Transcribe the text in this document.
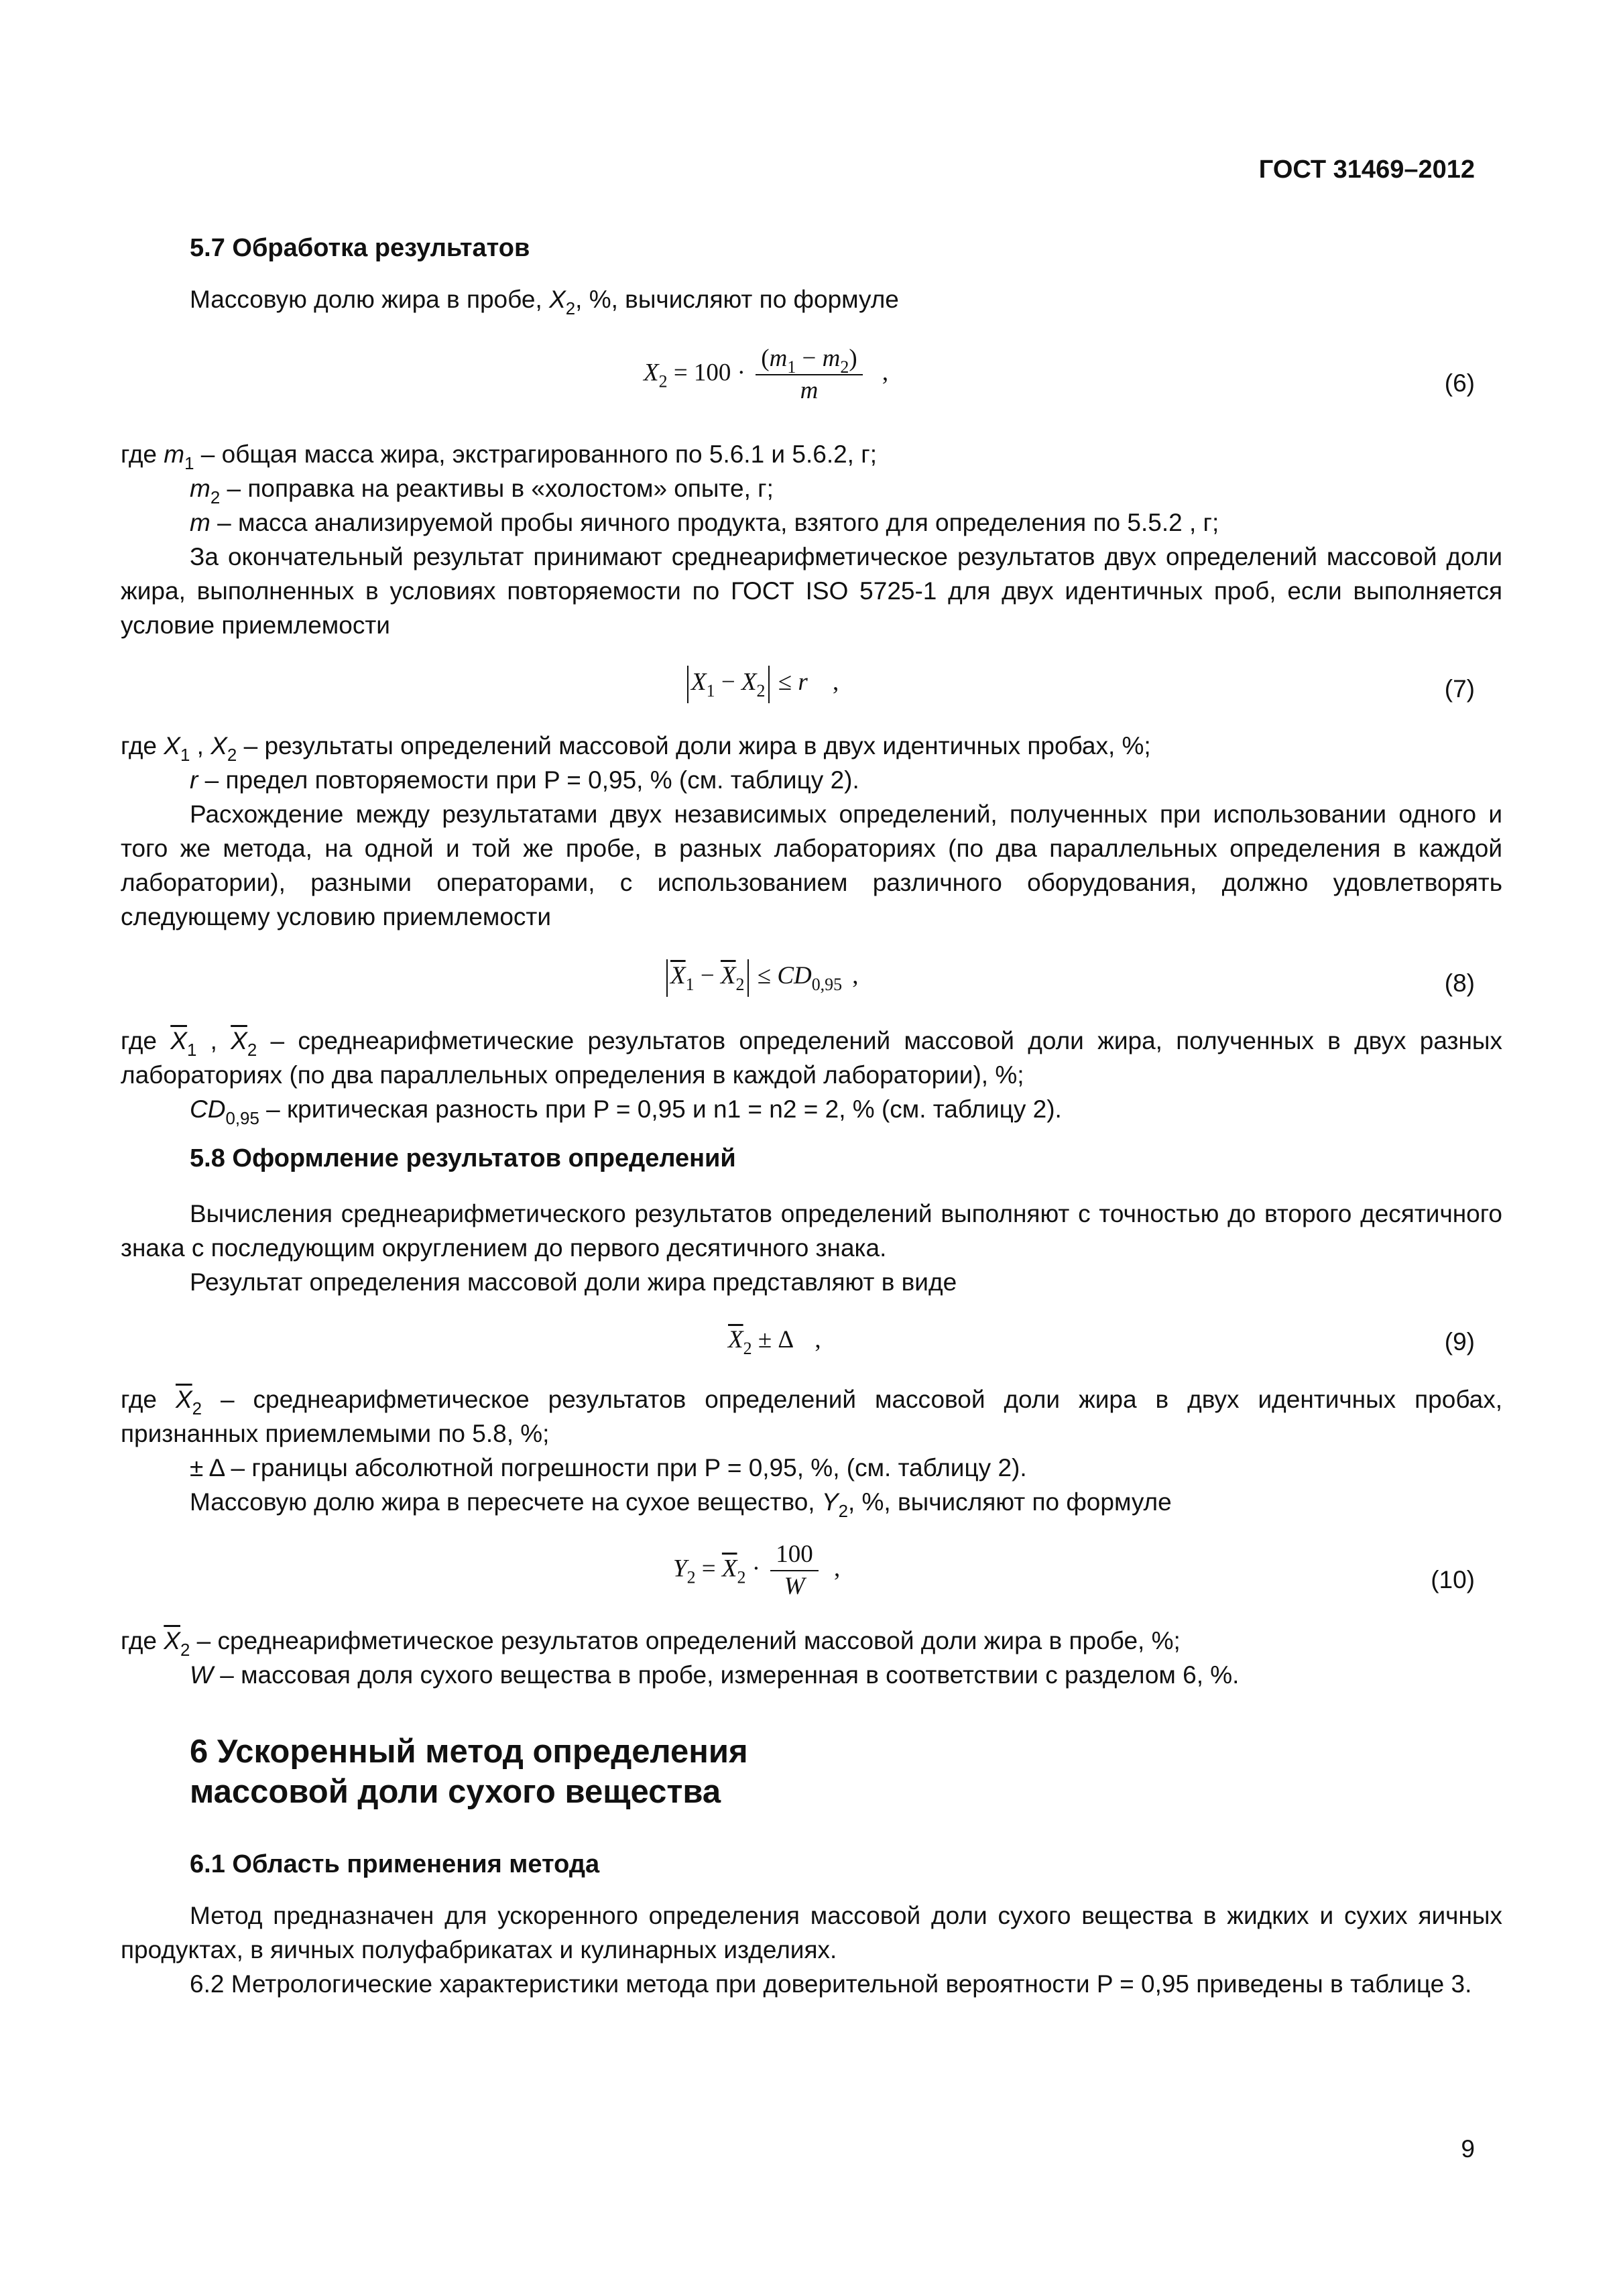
ГОСТ 31469–2012
5.7 Обработка результатов
Массовую долю жира в пробе, $X_2$, %, вычисляют по формуле
$X_2 = 100 \cdot \frac{(m_1 - m_2)}{m}$ ,	(6)
где $m_1$ – общая масса жира, экстрагированного по 5.6.1 и 5.6.2, г;
$m_2$ – поправка на реактивы в «холостом» опыте, г;
m – масса анализируемой пробы яичного продукта, взятого для определения по 5.5.2 , г;
За окончательный результат принимают среднеарифметическое результатов двух определений массовой доли жира, выполненных в условиях повторяемости по ГОСТ ISO 5725-1 для двух идентичных проб, если выполняется условие приемлемости
$X_1 - X_2 \le r$ ,	(7)
где $X_1$ , $X_2$ – результаты определений массовой доли жира в двух идентичных пробах, %;
r – предел повторяемости при P = 0,95, % (см. таблицу 2).
Расхождение между результатами двух независимых определений, полученных при использовании одного и того же метода, на одной и той же пробе, в разных лабораториях (по два параллельных определения в каждой лаборатории), разными операторами, с использованием различного оборудования, должно удовлетворять следующему условию приемлемости
$\overline{X}_1 - \overline{X}_2 \le CD_{0,95}$ ,	(8)
где $\overline{X}_1$ , $\overline{X}_2$ – среднеарифметические результатов определений массовой доли жира, полученных в двух разных лабораториях (по два параллельных определения в каждой лаборатории), %;
$CD_{0,95}$ – критическая разность при P = 0,95 и n1 = n2 = 2, % (см. таблицу 2).
5.8 Оформление результатов определений
Вычисления среднеарифметического результатов определений выполняют с точностью до второго десятичного знака с последующим округлением до первого десятичного знака.
Результат определения массовой доли жира представляют в виде
$\overline{X}_2 \pm \Delta$ ,	(9)
где $\overline{X}_2$ – среднеарифметическое результатов определений массовой доли жира в двух идентичных пробах, признанных приемлемыми по 5.8, %;
± Δ – границы абсолютной погрешности при P = 0,95, %, (см. таблицу 2).
Массовую долю жира в пересчете на сухое вещество, $Y_2$, %, вычисляют по формуле
$Y_2 = \overline{X}_2 \cdot \frac{100}{W}$ ,	(10)
где $\overline{X}_2$ – среднеарифметическое результатов определений массовой доли жира в пробе, %;
W – массовая доля сухого вещества в пробе, измеренная в соответствии с разделом 6, %.
6 Ускоренный метод определения
массовой доли сухого вещества
6.1 Область применения метода
Метод предназначен для ускоренного определения массовой доли сухого вещества в жидких и сухих яичных продуктах, в яичных полуфабрикатах и кулинарных изделиях.
6.2 Метрологические характеристики метода при доверительной вероятности P = 0,95 приведены в таблице 3.
9
